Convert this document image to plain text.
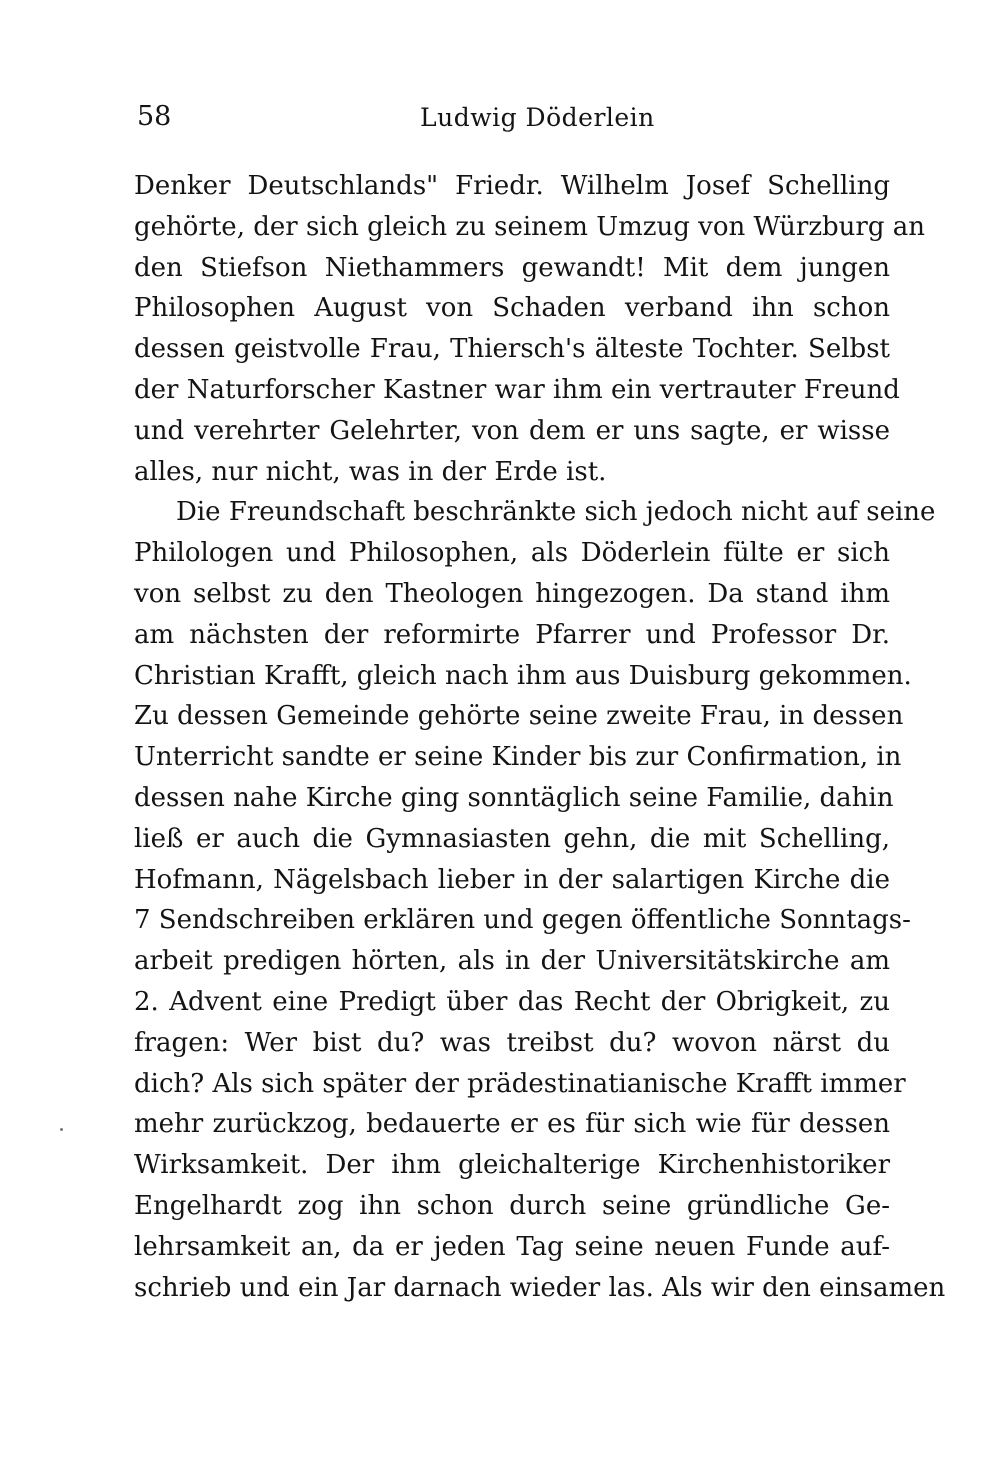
58	Ludwig Döderlein
Denker Deutschlands" Friedr. Wilhelm Josef Schelling
gehörte, der sich gleich zu seinem Umzug von Würzburg an
den Stiefson Niethammers gewandt! Mit dem jungen
Philosophen August von Schaden verband ihn schon
dessen geistvolle Frau, Thiersch's älteste Tochter. Selbst
der Naturforscher Kastner war ihm ein vertrauter Freund
und verehrter Gelehrter, von dem er uns sagte, er wisse
alles, nur nicht, was in der Erde ist.
Die Freundschaft beschränkte sich jedoch nicht auf seine
Philologen und Philosophen, als Döderlein fülte er sich
von selbst zu den Theologen hingezogen. Da stand ihm
am nächsten der reformirte Pfarrer und Professor Dr.
Christian Krafft, gleich nach ihm aus Duisburg gekommen.
Zu dessen Gemeinde gehörte seine zweite Frau, in dessen
Unterricht sandte er seine Kinder bis zur Confirmation, in
dessen nahe Kirche ging sonntäglich seine Familie, dahin
ließ er auch die Gymnasiasten gehn, die mit Schelling,
Hofmann, Nägelsbach lieber in der salartigen Kirche die
7 Sendschreiben erklären und gegen öffentliche Sonntags-
arbeit predigen hörten, als in der Universitätskirche am
2. Advent eine Predigt über das Recht der Obrigkeit, zu
fragen: Wer bist du? was treibst du? wovon närst du
dich? Als sich später der prädestinatianische Krafft immer
mehr zurückzog, bedauerte er es für sich wie für dessen
Wirksamkeit. Der ihm gleichalterige Kirchenhistoriker
Engelhardt zog ihn schon durch seine gründliche Ge-
lehrsamkeit an, da er jeden Tag seine neuen Funde auf-
schrieb und ein Jar darnach wieder las. Als wir den einsamen
